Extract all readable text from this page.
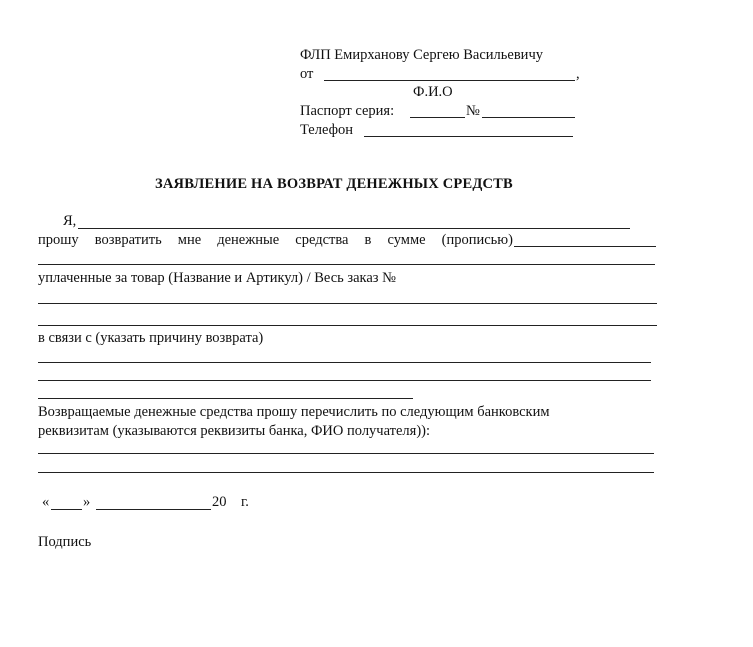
ФЛП Емирханову Сергею Васильевичу
от	,
Ф.И.О
Паспорт серия:	№
Телефон
ЗАЯВЛЕНИЕ НА ВОЗВРАТ ДЕНЕЖНЫХ СРЕДСТВ
Я,
прошу возвратить мне денежные средства в сумме (прописью)
уплаченные за товар (Название и Артикул) / Весь заказ №
в связи с (указать причину возврата)
Возвращаемые денежные средства прошу перечислить по следующим банковским
реквизитам (указываются реквизиты банка, ФИО получателя)):
« »	20 г.
Подпись
